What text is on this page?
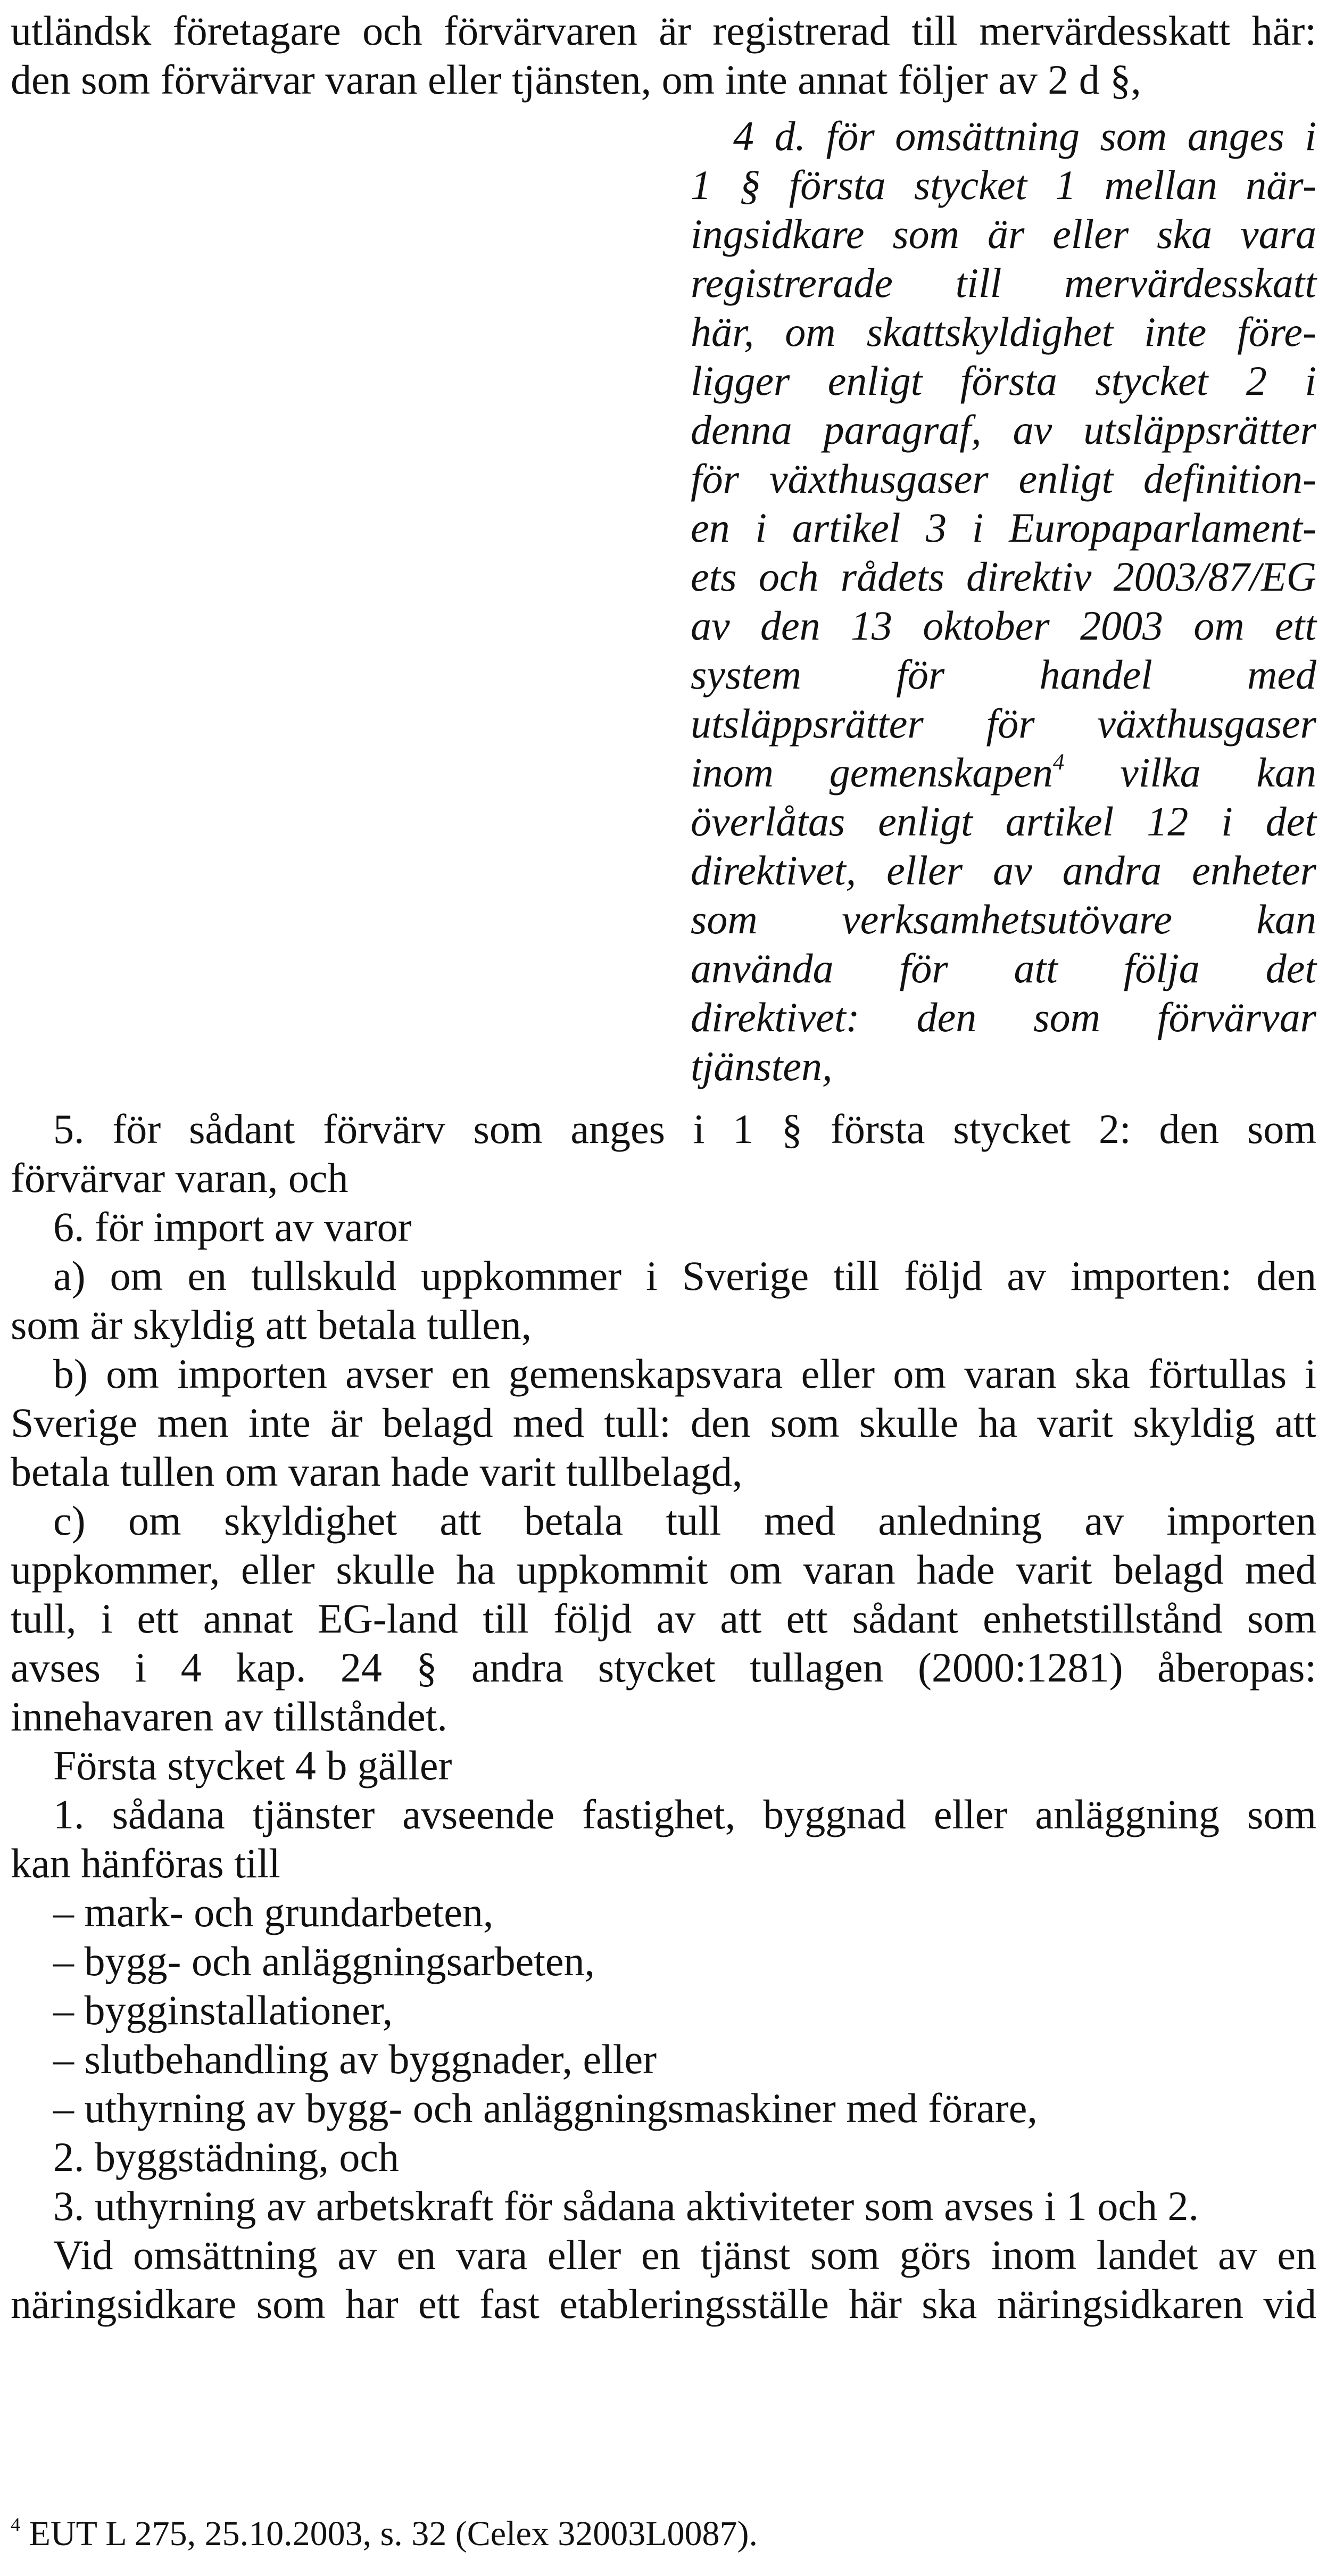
utländsk företagare och förvärvaren är registrerad till mervärdesskatt här:
den som förvärvar varan eller tjänsten, om inte annat följer av 2 d §,
4 d. för omsättning som anges i
1 § första stycket 1 mellan när-
ingsidkare som är eller ska vara
registrerade till mervärdesskatt
här, om skattskyldighet inte före-
ligger enligt första stycket 2 i
denna paragraf, av utsläppsrätter
för växthusgaser enligt definition-
en i artikel 3 i Europaparlament-
ets och rådets direktiv 2003/87/EG
av den 13 oktober 2003 om ett
system för handel med
utsläppsrätter för växthusgaser
inom gemenskapen$^4$ vilka kan
överlåtas enligt artikel 12 i det
direktivet, eller av andra enheter
som verksamhetsutövare kan
använda för att följa det
direktivet: den som förvärvar
tjänsten,
5. för sådant förvärv som anges i 1 § första stycket 2: den som
förvärvar varan, och
6. för import av varor
a) om en tullskuld uppkommer i Sverige till följd av importen: den
som är skyldig att betala tullen,
b) om importen avser en gemenskapsvara eller om varan ska förtullas i
Sverige men inte är belagd med tull: den som skulle ha varit skyldig att
betala tullen om varan hade varit tullbelagd,
c) om skyldighet att betala tull med anledning av importen
uppkommer, eller skulle ha uppkommit om varan hade varit belagd med
tull, i ett annat EG-land till följd av att ett sådant enhetstillstånd som
avses i 4 kap. 24 § andra stycket tullagen (2000:1281) åberopas:
innehavaren av tillståndet.
Första stycket 4 b gäller
1. sådana tjänster avseende fastighet, byggnad eller anläggning som
kan hänföras till
– mark- och grundarbeten,
– bygg- och anläggningsarbeten,
– bygginstallationer,
– slutbehandling av byggnader, eller
– uthyrning av bygg- och anläggningsmaskiner med förare,
2. byggstädning, och
3. uthyrning av arbetskraft för sådana aktiviteter som avses i 1 och 2.
Vid omsättning av en vara eller en tjänst som görs inom landet av en
näringsidkare som har ett fast etableringsställe här ska näringsidkaren vid
$^4$ EUT L 275, 25.10.2003, s. 32 (Celex 32003L0087).
